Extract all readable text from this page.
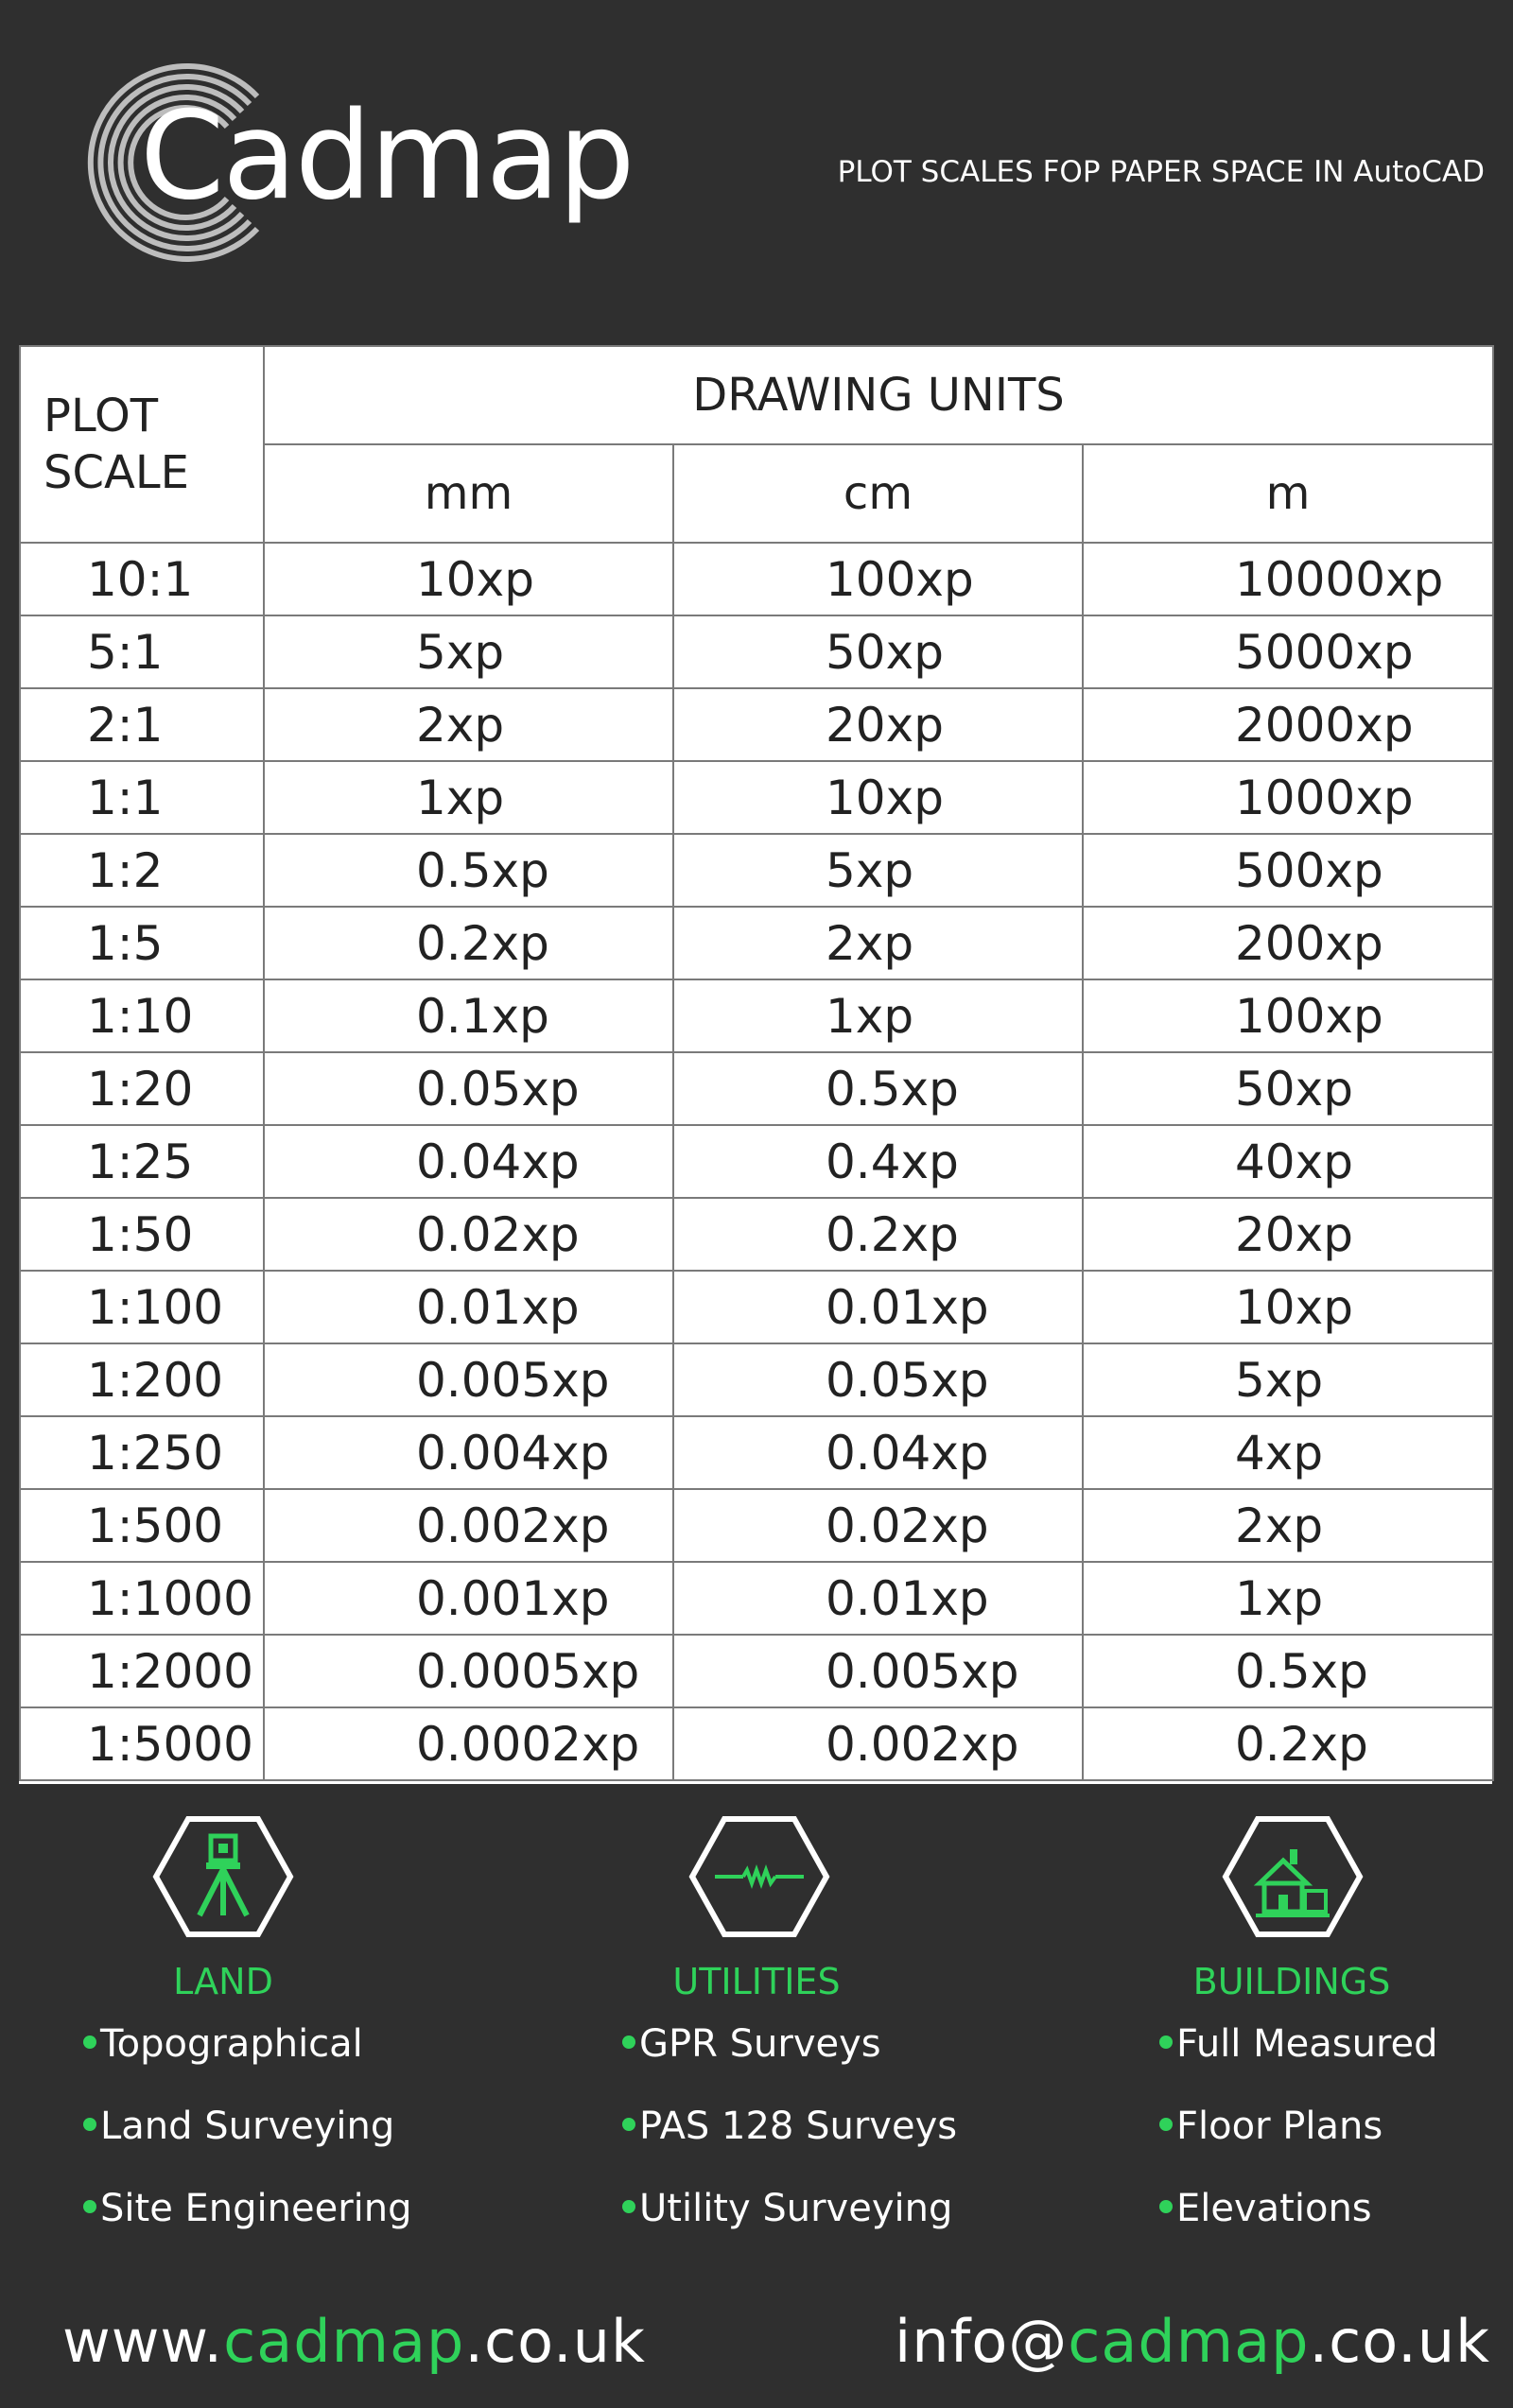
Cadmap	PLOT SCALES FOP PAPER SPACE IN AutoCAD
PLOT
SCALE	DRAWING UNITS		
	mm	cm	m
10:1	10xp	100xp	10000xp
5:1	5xp	50xp	5000xp
2:1	2xp	20xp	2000xp
1:1	1xp	10xp	1000xp
1:2	0.5xp	5xp	500xp
1:5	0.2xp	2xp	200xp
1:10	0.1xp	1xp	100xp
1:20	0.05xp	0.5xp	50xp
1:25	0.04xp	0.4xp	40xp
1:50	0.02xp	0.2xp	20xp
1:100	0.01xp	0.01xp	10xp
1:200	0.005xp	0.05xp	5xp
1:250	0.004xp	0.04xp	4xp
1:500	0.002xp	0.02xp	2xp
1:1000	0.001xp	0.01xp	1xp
1:2000	0.0005xp	0.005xp	0.5xp
1:5000	0.0002xp	0.002xp	0.2xp
LAND
Topographical
Land Surveying
Site Engineering
UTILITIES
GPR Surveys
PAS 128 Surveys
Utility Surveying
BUILDINGS
Full Measured
Floor Plans
Elevations
www.cadmap.co.uk	info@cadmap.co.uk
